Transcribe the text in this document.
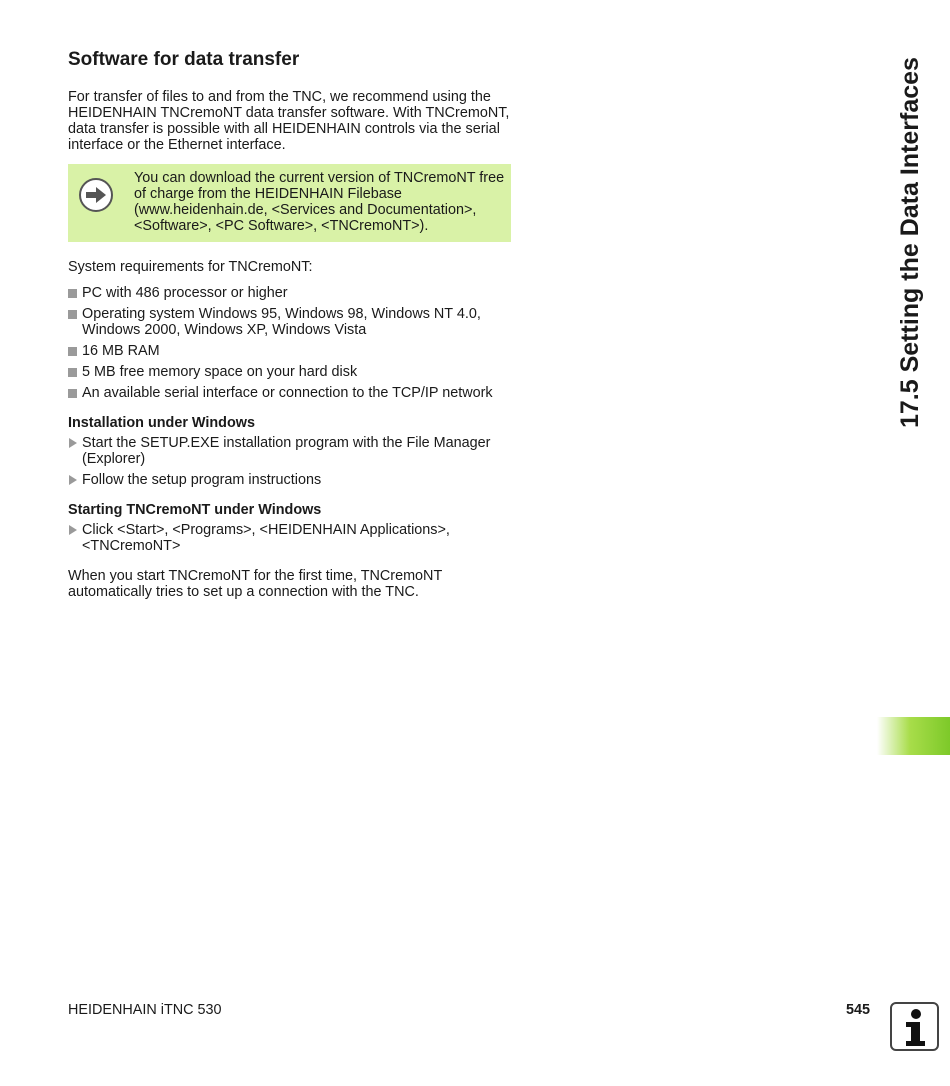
Software for data transfer

For transfer of files to and from the TNC, we recommend using the HEIDENHAIN TNCremoNT data transfer software. With TNCremoNT, data transfer is possible with all HEIDENHAIN controls via the serial interface or the Ethernet interface.

You can download the current version of TNCremoNT free of charge from the HEIDENHAIN Filebase (www.heidenhain.de, <Services and Documentation>, <Software>, <PC Software>, <TNCremoNT>).

System requirements for TNCremoNT:

PC with 486 processor or higher
Operating system Windows 95, Windows 98, Windows NT 4.0, Windows 2000, Windows XP, Windows Vista
16 MB RAM
5 MB free memory space on your hard disk
An available serial interface or connection to the TCP/IP network
Installation under Windows
Start the SETUP.EXE installation program with the File Manager (Explorer)
Follow the setup program instructions
Starting TNCremoNT under Windows
Click <Start>, <Programs>, <HEIDENHAIN Applications>, <TNCremoNT>

When you start TNCremoNT for the first time, TNCremoNT automatically tries to set up a connection with the TNC.

17.5 Setting the Data Interfaces
HEIDENHAIN iTNC 530	545
